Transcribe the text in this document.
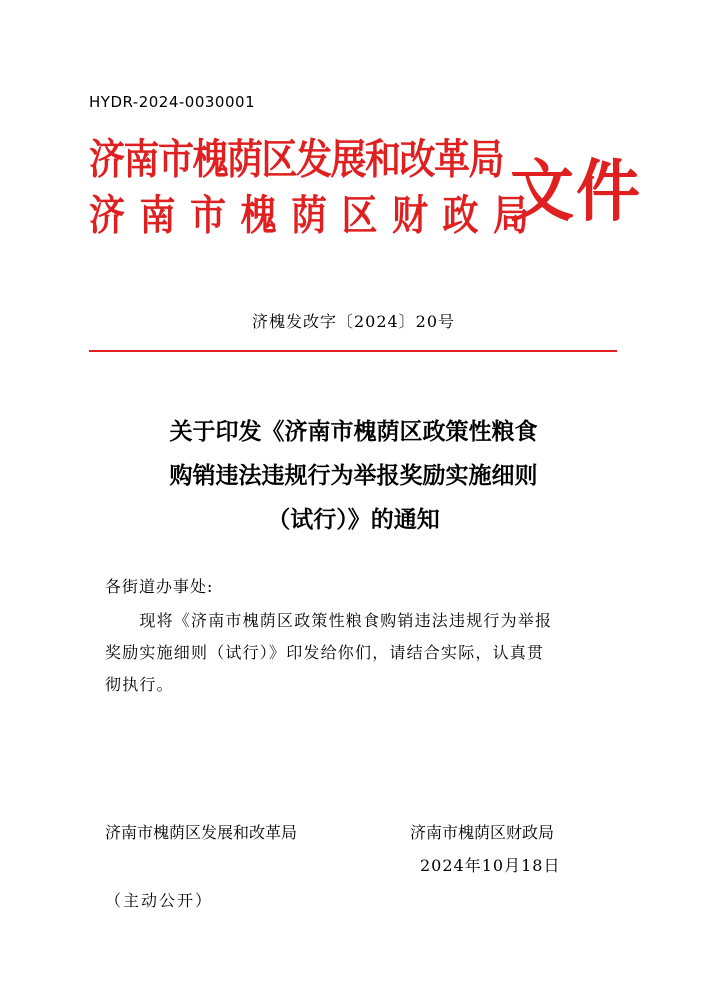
HYDR-2024-0030001
济南市槐荫区发展和改革局
济南市槐荫区财政局
文件
济槐发改字〔2024〕20号
关于印发《济南市槐荫区政策性粮食
购销违法违规行为举报奖励实施细则
（试行）》的通知
各街道办事处:
　　现将《济南市槐荫区政策性粮食购销违法违规行为举报
奖励实施细则（试行）》印发给你们，请结合实际，认真贯
彻执行。
济南市槐荫区发展和改革局	济南市槐荫区财政局
2024年10月18日
（主动公开）
